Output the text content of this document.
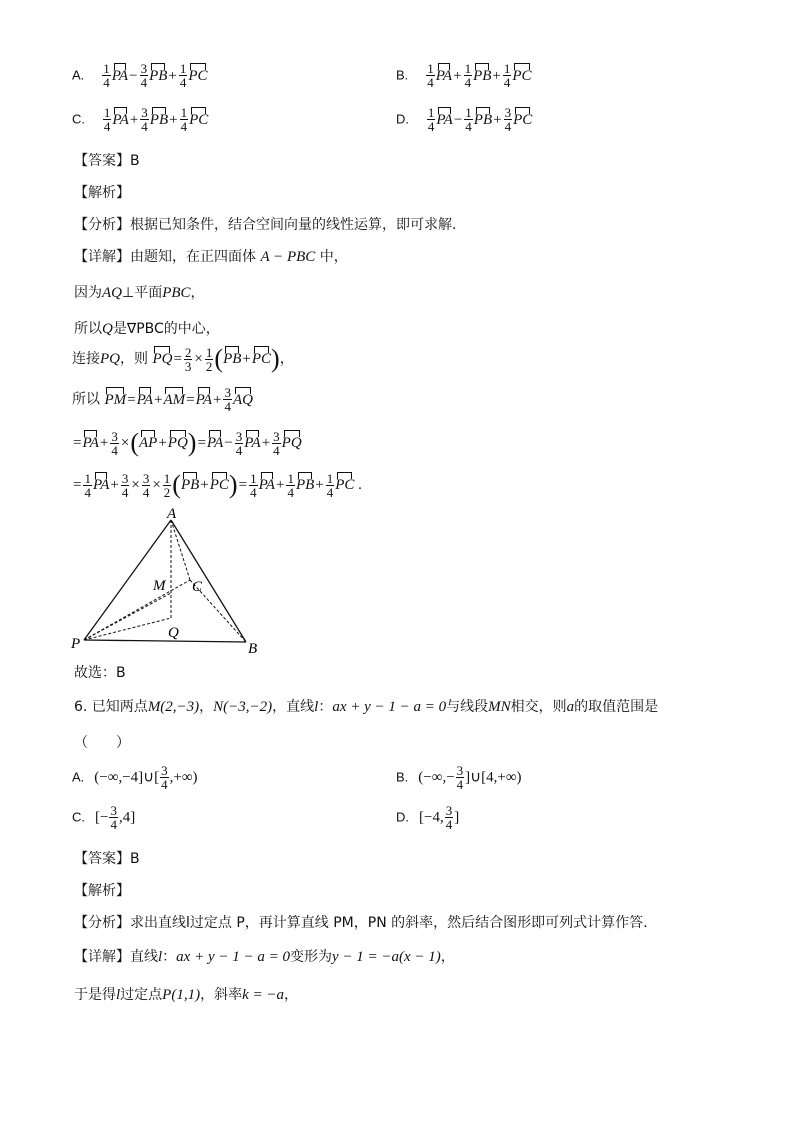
A. $\frac{1}{4} PA- \frac{3}{4} PB+ \frac{1}{4}$ PC	B. $\frac{1}{4} PA+ \frac{1}{4} PB+ \frac{1}{4}$ PC
C. $\frac{1}{4} PA+ \frac{3}{4} PB+ \frac{1}{4}$ PC	D. $\frac{1}{4} PA- \frac{1}{4} PB+ \frac{3}{4}$ PC
【答案】B
【解析】
【分析】根据已知条件，结合空间向量的线性运算，即可求解.
【详解】由题知，在正四面体 A − PBC 中，
因为AQ⊥平面PBC，
所以Q是∇PBC的中心，
连接PQ，则 $PQ= \frac{2}{3} \times \frac{1}{2} (PB+PC)$，
所以 $PM=PA+AM=PA+ \frac{3}{4}$ AQ
$=PA+ \frac{3}{4} \times(AP+PQ)=PA- \frac{3}{4} PA+ \frac{3}{4}$ PQ
= $\frac{1}{4} PA+ \frac{3}{4} \times \frac{3}{4} \times \frac{1}{2} (PB+PC)= \frac{1}{4} PA+ \frac{1}{4} PB+ \frac{1}{4}$ PC .
A
M C
P
Q
B
故选：B
6. 已知两点M(2,−3)，N(−3,−2)，直线l：ax + y − 1 − a = 0与线段MN相交，则a的取值范围是
（　　）
A. (−∞,−4]∪[ $\frac{3}{4}$ ,+∞)	B. (−∞,− $\frac{3}{4}$ ]∪[4,+∞)
C. [− $\frac{3}{4} ,4$]	D. [−4, $\frac{3}{4}$ ]
【答案】B
【解析】
【分析】求出直线l过定点 P，再计算直线 PM，PN 的斜率，然后结合图形即可列式计算作答.
【详解】直线l：ax + y − 1 − a = 0变形为y − 1 = −a(x − 1)，
于是得l过定点P(1,1)，斜率k = −a，
